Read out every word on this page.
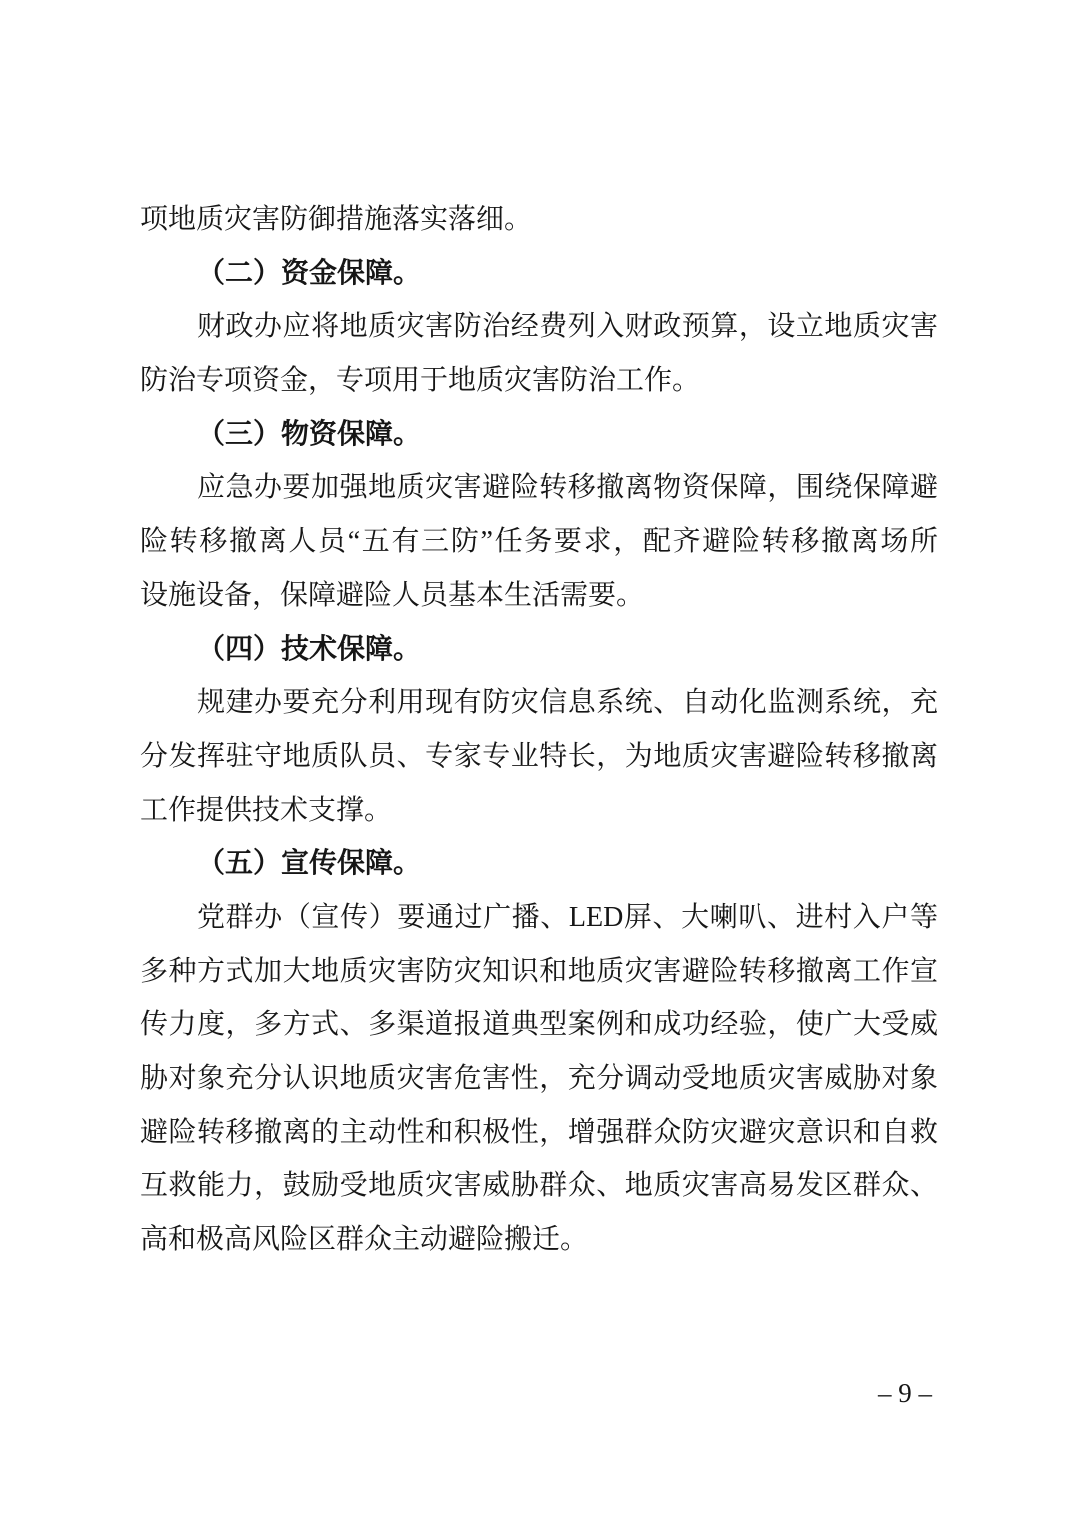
项地质灾害防御措施落实落细。
（二）资金保障。
财政办应将地质灾害防治经费列入财政预算，设立地质灾害
防治专项资金，专项用于地质灾害防治工作。
（三）物资保障。
应急办要加强地质灾害避险转移撤离物资保障，围绕保障避
险转移撤离人员“五有三防”任务要求，配齐避险转移撤离场所
设施设备，保障避险人员基本生活需要。
（四）技术保障。
规建办要充分利用现有防灾信息系统、自动化监测系统，充
分发挥驻守地质队员、专家专业特长，为地质灾害避险转移撤离
工作提供技术支撑。
（五）宣传保障。
党群办（宣传）要通过广播、LED屏、大喇叭、进村入户等
多种方式加大地质灾害防灾知识和地质灾害避险转移撤离工作宣
传力度，多方式、多渠道报道典型案例和成功经验，使广大受威
胁对象充分认识地质灾害危害性，充分调动受地质灾害威胁对象
避险转移撤离的主动性和积极性，增强群众防灾避灾意识和自救
互救能力，鼓励受地质灾害威胁群众、地质灾害高易发区群众、
高和极高风险区群众主动避险搬迁。
– 9 –
